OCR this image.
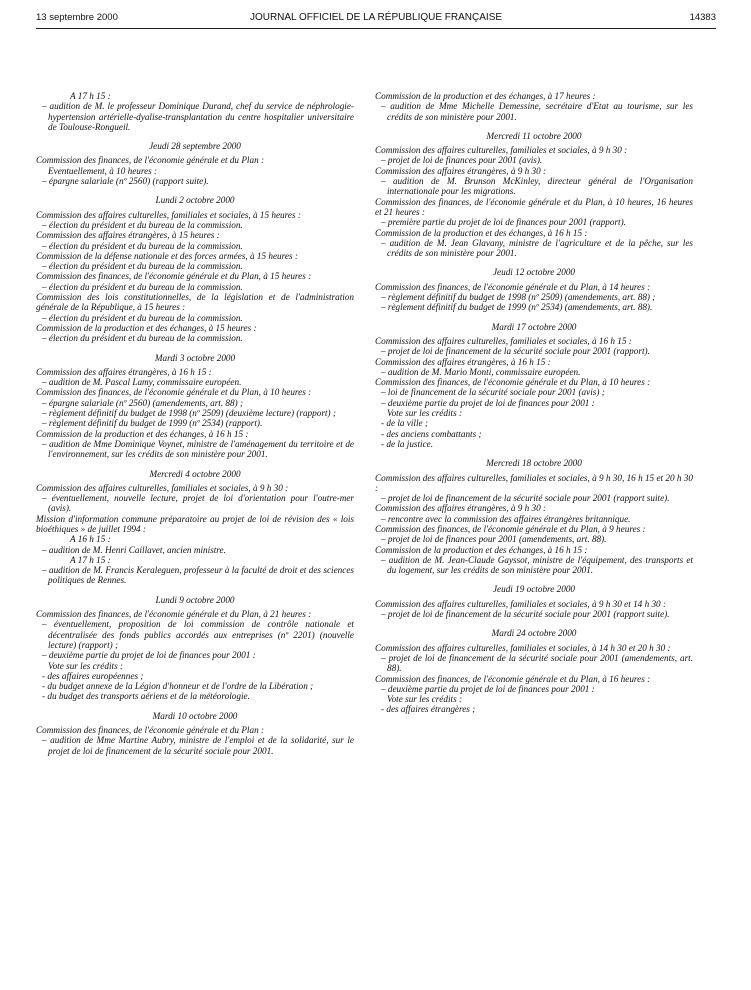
13 septembre 2000	JOURNAL OFFICIEL DE LA RÉPUBLIQUE FRANÇAISE	14383

A 17 h 15 :

– audition de M. le professeur Dominique Durand, chef du service de néphrologie-hypertension artérielle-dyalise-transplantation du centre hospitalier universitaire de Toulouse-Rongueil.

Jeudi 28 septembre 2000

Commission des finances, de l'économie générale et du Plan :

Eventuellement, à 10 heures :

– épargne salariale (nº 2560) (rapport suite).

Lundi 2 octobre 2000

Commission des affaires culturelles, familiales et sociales, à 15 heures :

– élection du président et du bureau de la commission.

Commission des affaires étrangères, à 15 heures :

– élection du président et du bureau de la commission.

Commission de la défense nationale et des forces armées, à 15 heures :

– élection du président et du bureau de la commission.

Commission des finances, de l'économie générale et du Plan, à 15 heures :

– élection du président et du bureau de la commission.

Commission des lois constitutionnelles, de la législation et de l'administration générale de la République, à 15 heures :

– élection du président et du bureau de la commission.

Commission de la production et des échanges, à 15 heures :

– élection du président et du bureau de la commission.

Mardi 3 octobre 2000

Commission des affaires étrangères, à 16 h 15 :

– audition de M. Pascal Lamy, commissaire européen.

Commission des finances, de l'économie générale et du Plan, à 10 heures :

– épargne salariale (nº 2560) (amendements, art. 88) ;

– règlement définitif du budget de 1998 (nº 2509) (deuxième lecture) (rapport) ;

– règlement définitif du budget de 1999 (nº 2534) (rapport).

Commission de la production et des échanges, à 16 h 15 :

– audition de Mme Dominique Voynet, ministre de l'aménagement du territoire et de l'environnement, sur les crédits de son ministère pour 2001.

Mercredi 4 octobre 2000

Commission des affaires culturelles, familiales et sociales, à 9 h 30 :

– éventuellement, nouvelle lecture, projet de loi d'orientation pour l'outre-mer (avis).

Mission d'information commune préparatoire au projet de loi de révision des « lois bioéthiques » de juillet 1994 :

A 16 h 15 :

– audition de M. Henri Caillavet, ancien ministre.

A 17 h 15 :

– audition de M. Francis Keraleguen, professeur à la faculté de droit et des sciences politiques de Rennes.

Lundi 9 octobre 2000

Commission des finances, de l'économie générale et du Plan, à 21 heures :

– éventuellement, proposition de loi commission de contrôle nationale et décentralisée des fonds publics accordés aux entreprises (nº 2201) (nouvelle lecture) (rapport) ;

– deuxième partie du projet de loi de finances pour 2001 :

Vote sur les crédits :

- des affaires européennes ;

- du budget annexe de la Légion d'honneur et de l'ordre de la Libération ;

- du budget des transports aériens et de la météorologie.

Mardi 10 octobre 2000

Commission des finances, de l'économie générale et du Plan :

– audition de Mme Martine Aubry, ministre de l'emploi et de la solidarité, sur le projet de loi de financement de la sécurité sociale pour 2001.

Commission de la production et des échanges, à 17 heures :

– audition de Mme Michelle Demessine, secrétaire d'Etat au tourisme, sur les crédits de son ministère pour 2001.

Mercredi 11 octobre 2000

Commission des affaires culturelles, familiales et sociales, à 9 h 30 :

– projet de loi de finances pour 2001 (avis).

Commission des affaires étrangères, à 9 h 30 :

– audition de M. Brunson McKinley, directeur général de l'Organisation internationale pour les migrations.

Commission des finances, de l'économie générale et du Plan, à 10 heures, 16 heures et 21 heures :

– première partie du projet de loi de finances pour 2001 (rapport).

Commission de la production et des échanges, à 16 h 15 :

– audition de M. Jean Glavany, ministre de l'agriculture et de la pêche, sur les crédits de son ministère pour 2001.

Jeudi 12 octobre 2000

Commission des finances, de l'économie générale et du Plan, à 14 heures :

– règlement définitif du budget de 1998 (nº 2509) (amendements, art. 88) ;

– règlement définitif du budget de 1999 (nº 2534) (amendements, art. 88).

Mardi 17 octobre 2000

Commission des affaires culturelles, familiales et sociales, à 16 h 15 :

– projet de loi de financement de la sécurité sociale pour 2001 (rapport).

Commission des affaires étrangères, à 16 h 15 :

– audition de M. Mario Monti, commissaire européen.

Commission des finances, de l'économie générale et du Plan, à 10 heures :

– loi de financement de la sécurité sociale pour 2001 (avis) ;

– deuxième partie du projet de loi de finances pour 2001 :

Vote sur les crédits :

- de la ville ;

- des anciens combattants ;

- de la justice.

Mercredi 18 octobre 2000

Commission des affaires culturelles, familiales et sociales, à 9 h 30, 16 h 15 et 20 h 30 :

– projet de loi de financement de la sécurité sociale pour 2001 (rapport suite).

Commission des affaires étrangères, à 9 h 30 :

– rencontre avec la commission des affaires étrangères britannique.

Commission des finances, de l'économie générale et du Plan, à 9 heures :

– projet de loi de finances pour 2001 (amendements, art. 88).

Commission de la production et des échanges, à 16 h 15 :

– audition de M. Jean-Claude Gayssot, ministre de l'équipement, des transports et du logement, sur les crédits de son ministère pour 2001.

Jeudi 19 octobre 2000

Commission des affaires culturelles, familiales et sociales, à 9 h 30 et 14 h 30 :

– projet de loi de financement de la sécurité sociale pour 2001 (rapport suite).

Mardi 24 octobre 2000

Commission des affaires culturelles, familiales et sociales, à 14 h 30 et 20 h 30 :

– projet de loi de financement de la sécurité sociale pour 2001 (amendements, art. 88).

Commission des finances, de l'économie générale et du Plan, à 16 heures :

– deuxième partie du projet de loi de finances pour 2001 :

Vote sur les crédits :

- des affaires étrangères ;
